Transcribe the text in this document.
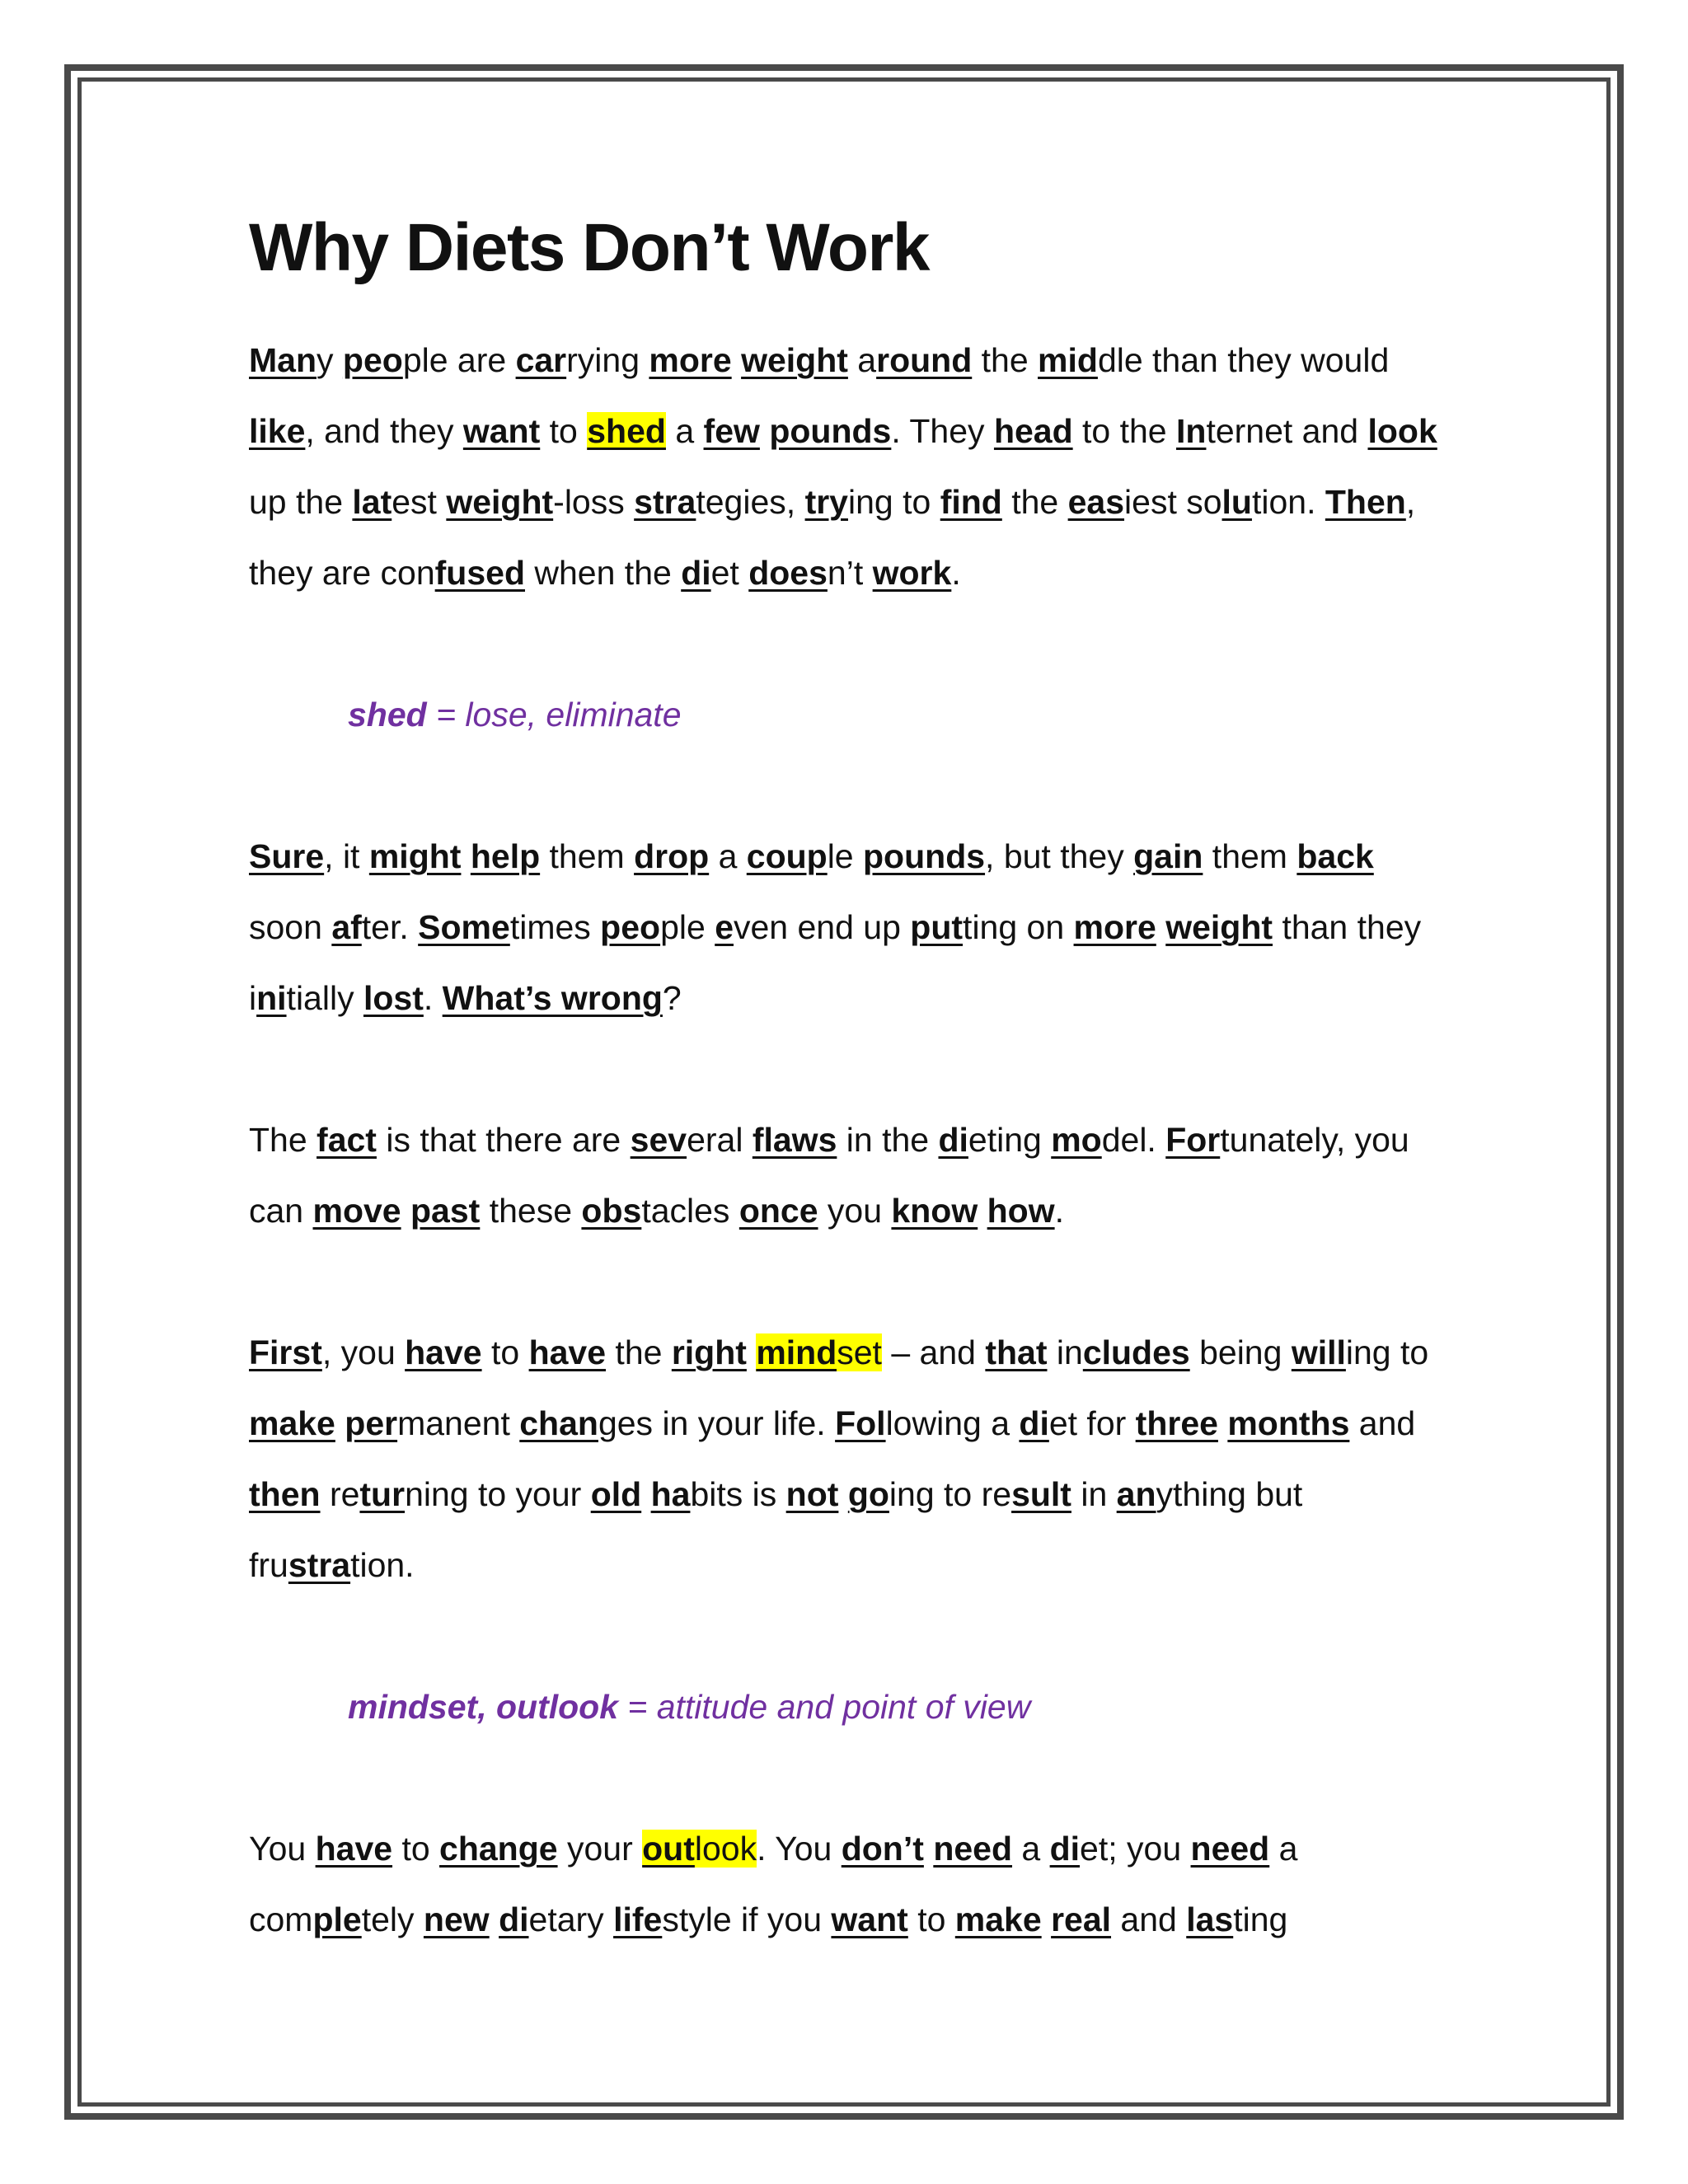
Why Diets Don’t Work

Many people are carrying more weight around the middle than they would like, and they want to shed a few pounds. They head to the Internet and look up the latest weight-loss strategies, trying to find the easiest solution. Then, they are confused when the diet doesn’t work.

shed = lose, eliminate

Sure, it might help them drop a couple pounds, but they gain them back soon after. Sometimes people even end up putting on more weight than they initially lost. What’s wrong?

The fact is that there are several flaws in the dieting model. Fortunately, you can move past these obstacles once you know how.

First, you have to have the right mindset – and that includes being willing to make permanent changes in your life. Following a diet for three months and then returning to your old habits is not going to result in anything but frustration.

mindset, outlook = attitude and point of view

You have to change your outlook. You don’t need a diet; you need a completely new dietary lifestyle if you want to make real and lasting
